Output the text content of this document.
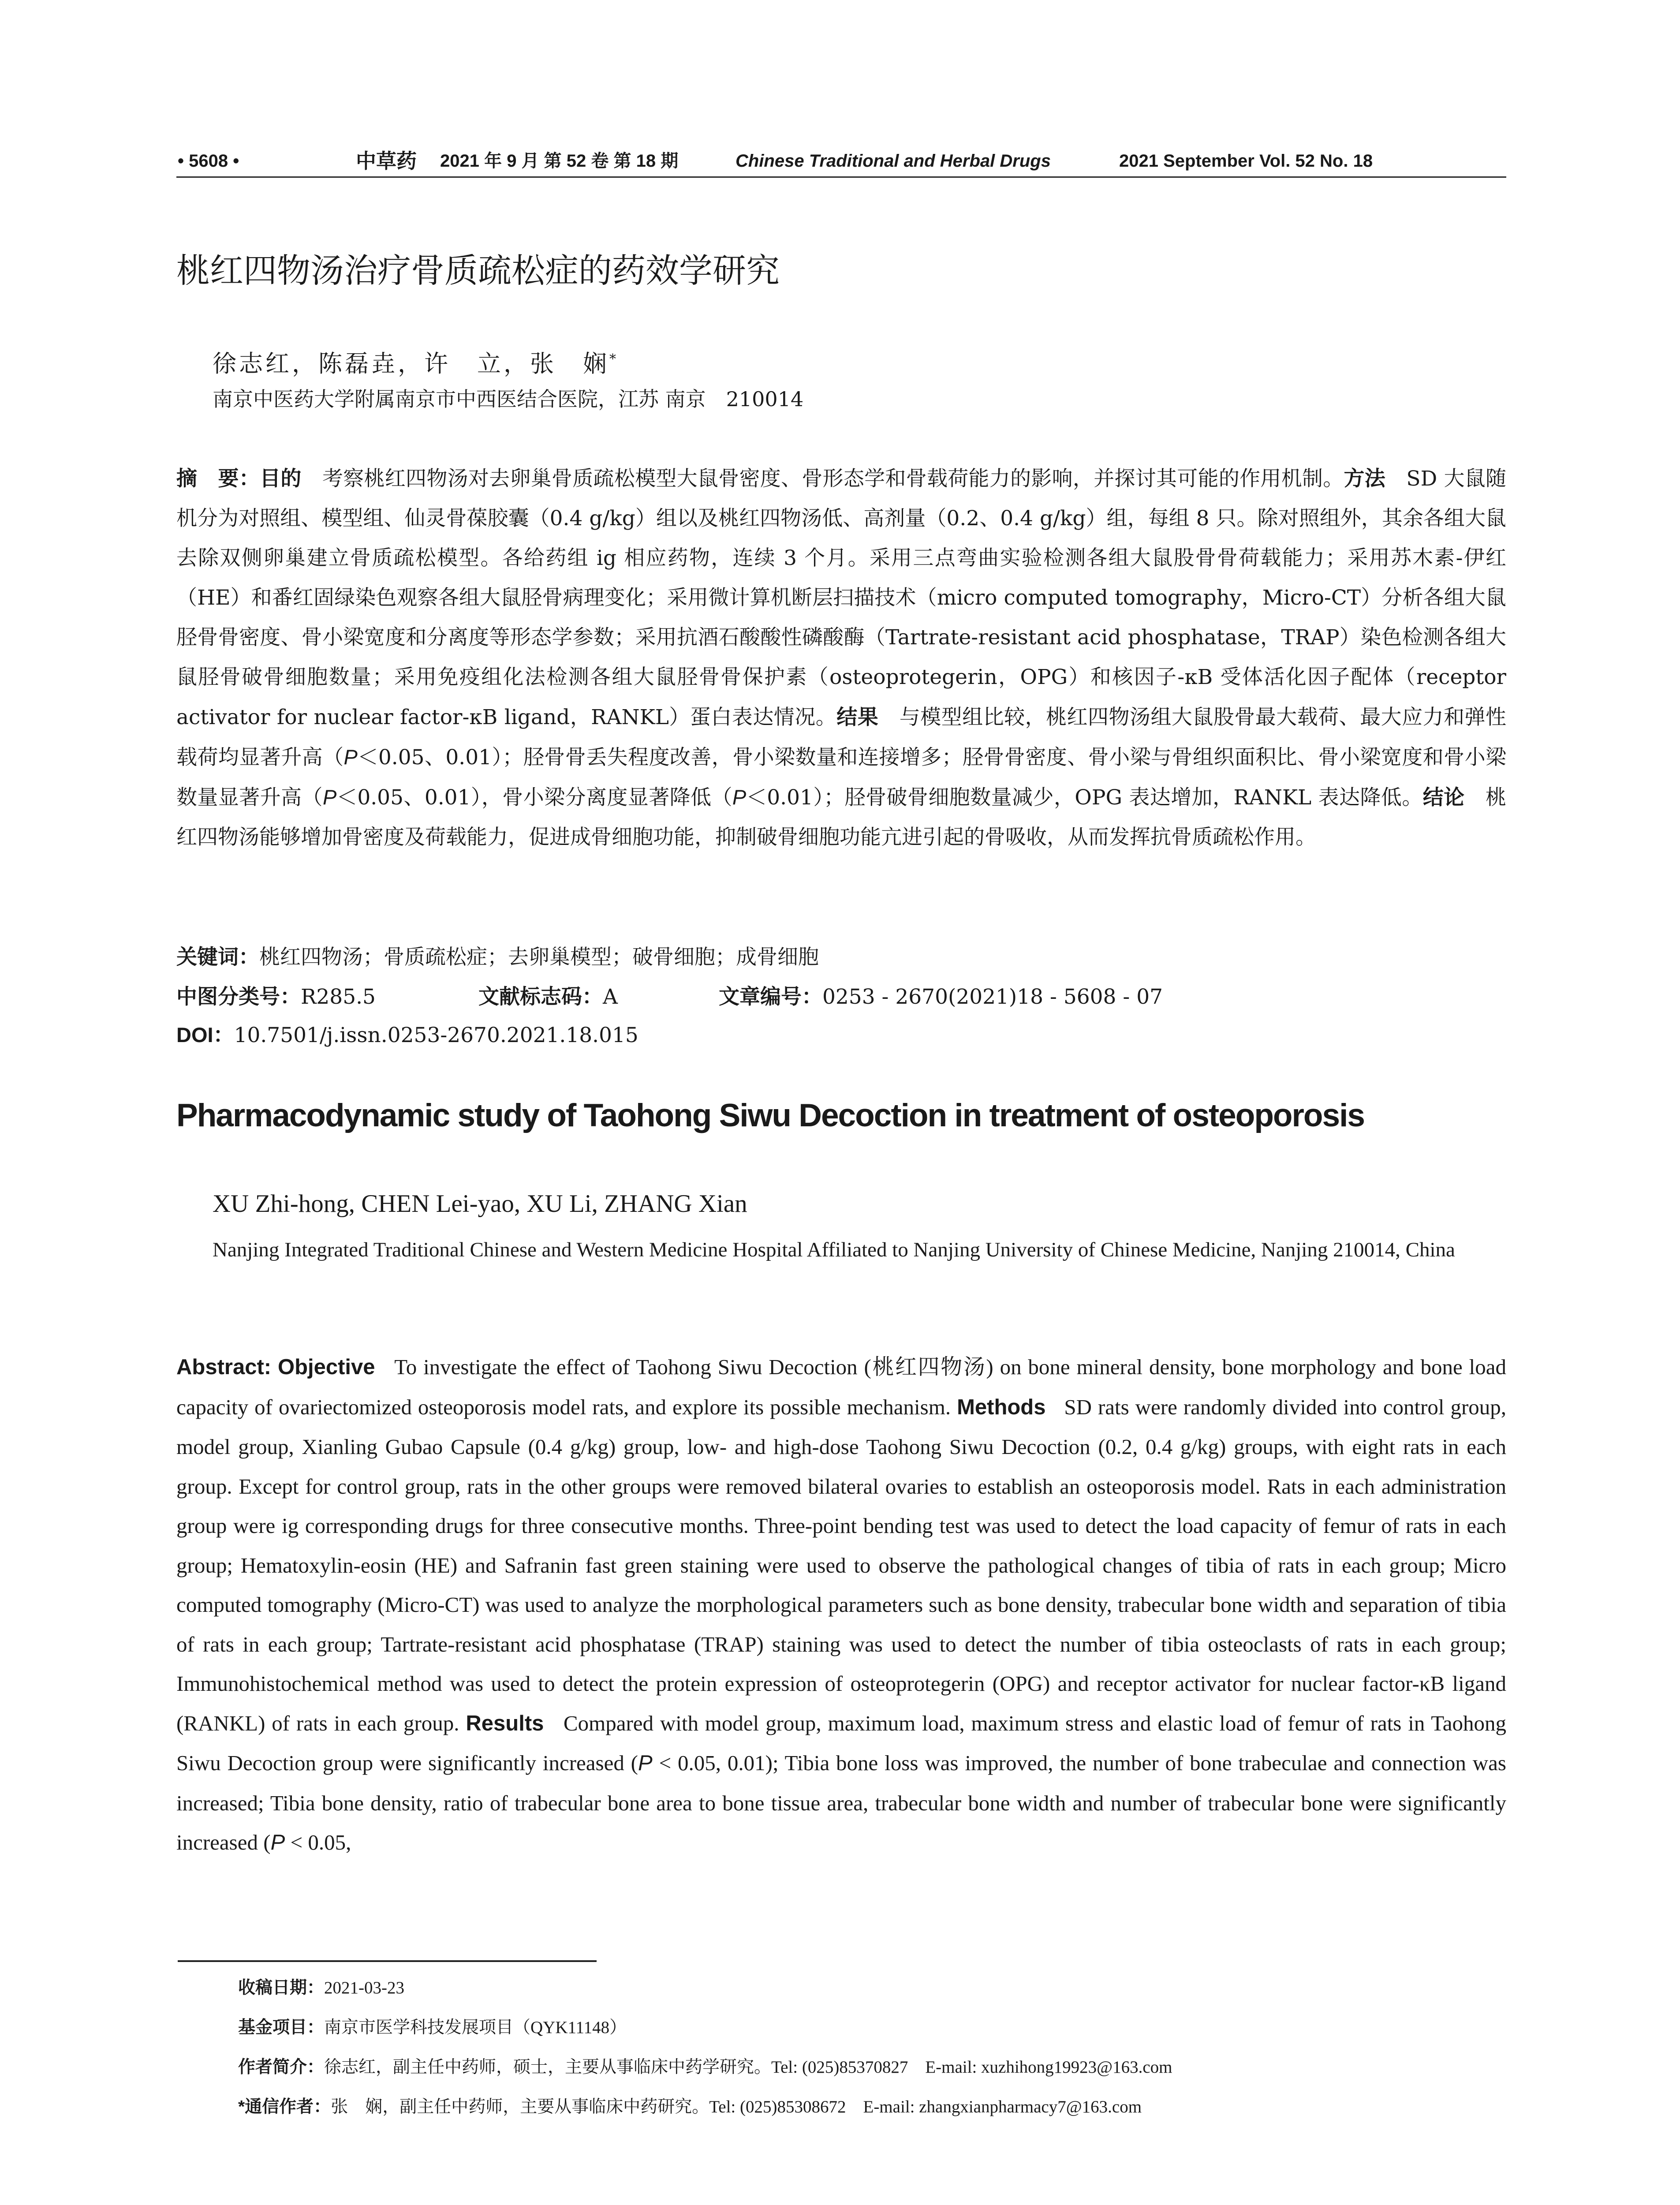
• 5608 •	中草药 2021 年 9 月 第 52 卷 第 18 期	Chinese Traditional and Herbal Drugs	2021 September Vol. 52 No. 18
桃红四物汤治疗骨质疏松症的药效学研究
徐志红，陈磊垚，许　立，张　娴*
南京中医药大学附属南京市中西医结合医院，江苏 南京　210014
摘　要：目的　 考察桃红四物汤对去卵巢骨质疏松模型大鼠骨密度、骨形态学和骨载荷能力的影响，并探讨其可能的作用机制。方法　 SD 大鼠随机分为对照组、模型组、仙灵骨葆胶囊（0.4 g/kg）组以及桃红四物汤低、高剂量（0.2、0.4 g/kg）组，每组 8 只。除对照组外，其余各组大鼠去除双侧卵巢建立骨质疏松模型。各给药组 ig 相应药物，连续 3 个月。采用三点弯曲实验检测各组大鼠股骨骨荷载能力；采用苏木素-伊红（HE）和番红固绿染色观察各组大鼠胫骨病理变化；采用微计算机断层扫描技术（micro computed tomography，Micro-CT）分析各组大鼠胫骨骨密度、骨小梁宽度和分离度等形态学参数；采用抗酒石酸酸性磷酸酶（Tartrate-resistant acid phosphatase，TRAP）染色检测各组大鼠胫骨破骨细胞数量；采用免疫组化法检测各组大鼠胫骨骨保护素（osteoprotegerin，OPG）和核因子-κB 受体活化因子配体（receptor activator for nuclear factor-κB ligand，RANKL）蛋白表达情况。结果　 与模型组比较，桃红四物汤组大鼠股骨最大载荷、最大应力和弹性载荷均显著升高（P＜0.05、0.01）；胫骨骨丢失程度改善，骨小梁数量和连接增多；胫骨骨密度、骨小梁与骨组织面积比、骨小梁宽度和骨小梁数量显著升高（P＜0.05、0.01），骨小梁分离度显著降低（P＜0.01）；胫骨破骨细胞数量减少，OPG 表达增加，RANKL 表达降低。结论　 桃红四物汤能够增加骨密度及荷载能力，促进成骨细胞功能，抑制破骨细胞功能亢进引起的骨吸收，从而发挥抗骨质疏松作用。
关键词：桃红四物汤；骨质疏松症；去卵巢模型；破骨细胞；成骨细胞
中图分类号：R285.5	文献标志码：A	文章编号：0253 - 2670(2021)18 - 5608 - 07
DOI：10.7501/j.issn.0253-2670.2021.18.015
Pharmacodynamic study of Taohong Siwu Decoction in treatment of osteoporosis
XU Zhi-hong, CHEN Lei-yao, XU Li, ZHANG Xian
Nanjing Integrated Traditional Chinese and Western Medicine Hospital Affiliated to Nanjing University of Chinese Medicine, Nanjing 210014, China
Abstract: Objective To investigate the effect of Taohong Siwu Decoction (桃红四物汤) on bone mineral density, bone morphology and bone load capacity of ovariectomized osteoporosis model rats, and explore its possible mechanism. Methods SD rats were randomly divided into control group, model group, Xianling Gubao Capsule (0.4 g/kg) group, low- and high-dose Taohong Siwu Decoction (0.2, 0.4 g/kg) groups, with eight rats in each group. Except for control group, rats in the other groups were removed bilateral ovaries to establish an osteoporosis model. Rats in each administration group were ig corresponding drugs for three consecutive months. Three-point bending test was used to detect the load capacity of femur of rats in each group; Hematoxylin-eosin (HE) and Safranin fast green staining were used to observe the pathological changes of tibia of rats in each group; Micro computed tomography (Micro-CT) was used to analyze the morphological parameters such as bone density, trabecular bone width and separation of tibia of rats in each group; Tartrate-resistant acid phosphatase (TRAP) staining was used to detect the number of tibia osteoclasts of rats in each group; Immunohistochemical method was used to detect the protein expression of osteoprotegerin (OPG) and receptor activator for nuclear factor-κB ligand (RANKL) of rats in each group. Results Compared with model group, maximum load, maximum stress and elastic load of femur of rats in Taohong Siwu Decoction group were significantly increased (P < 0.05, 0.01); Tibia bone loss was improved, the number of bone trabeculae and connection was increased; Tibia bone density, ratio of trabecular bone area to bone tissue area, trabecular bone width and number of trabecular bone were significantly increased (P < 0.05,
收稿日期：2021-03-23
基金项目：南京市医学科技发展项目（QYK11148）
作者简介：徐志红，副主任中药师，硕士，主要从事临床中药学研究。Tel: (025)85370827　E-mail: xuzhihong19923@163.com
*通信作者：张　娴，副主任中药师，主要从事临床中药研究。Tel: (025)85308672　E-mail: zhangxianpharmacy7@163.com
